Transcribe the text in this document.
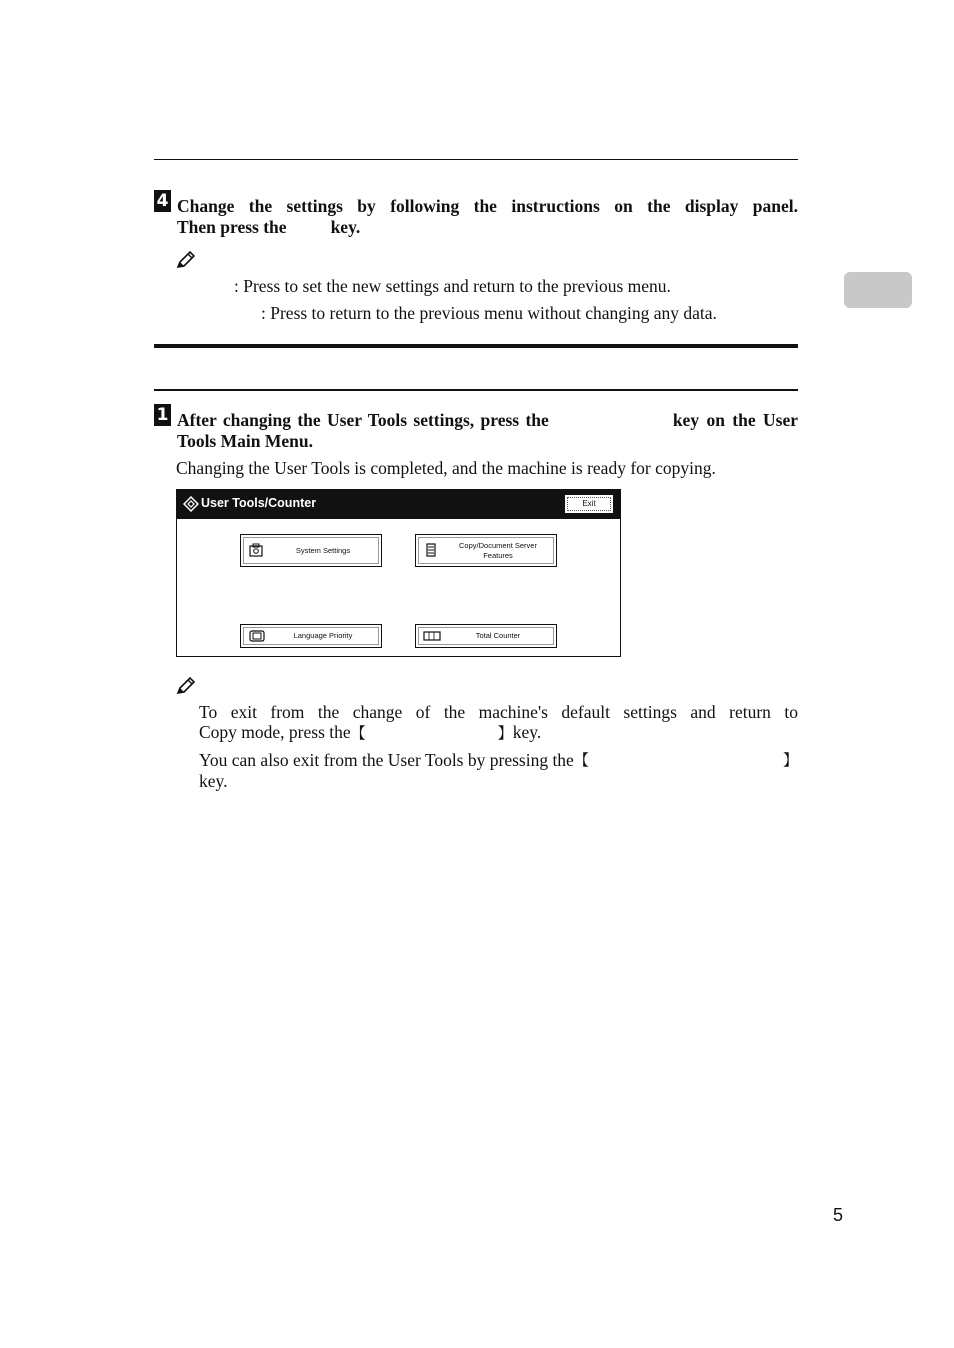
4 Change the settings by following the instructions on the display panel.
Then press the	key.
: Press to set the new settings and return to the previous menu.
: Press to return to the previous menu without changing any data.
1 After changing the User Tools settings, press the	key on the User
Tools Main Menu.
Changing the User Tools is completed, and the machine is ready for copying.
User Tools/Counter	Exit
System Settings
Copy/Document Server Features
Language Priority	Total Counter
To exit from the change of the machine's default settings and return to
Copy mode, press the【	】key.
You can also exit from the User Tools by pressing the 【	】
key.
5
